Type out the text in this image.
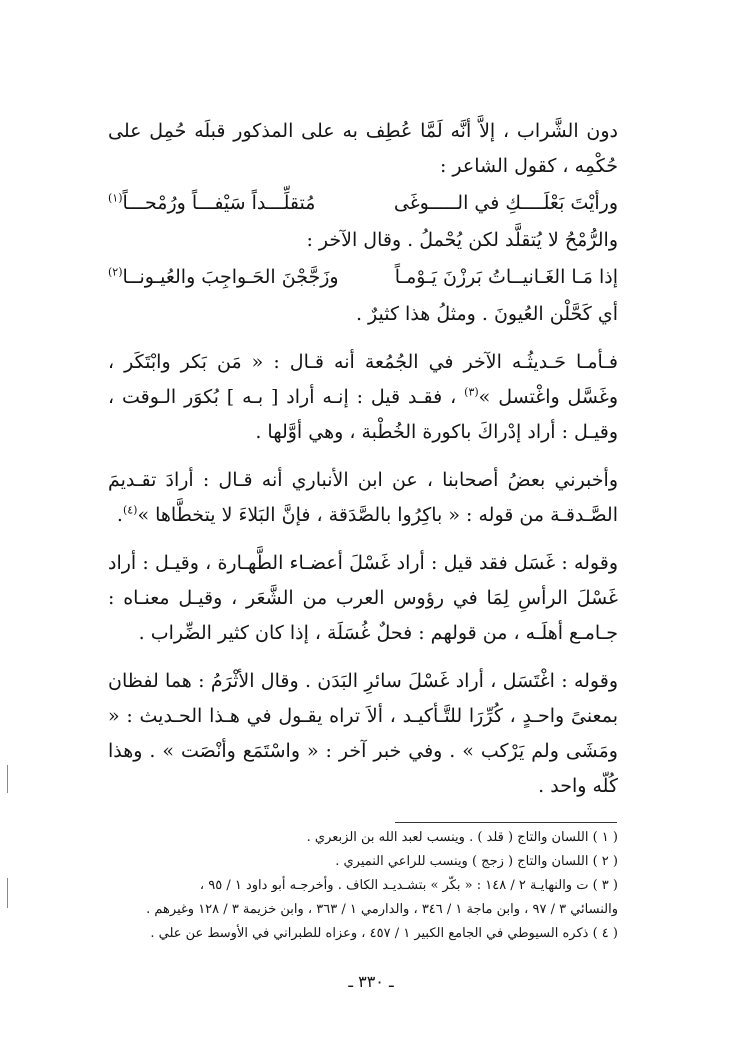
دون الشَّراب ، إلاَّ أنَّه لَمَّا عُطِف به على المذكور قبلَه حُمِل على حُكْمِه ، كقول الشاعر :

ورأيْتَ بَعْلَــــكِ في الـــــوغَى
مُتقلِّـــداً سَيْفـــاً ورُمْحـــاً$^{(١)}$

والرُّمْحُ لا يُتقلَّد لكن يُحْملُ . وقال الآخر :

إذا مَـا الغَـانيــاتُ بَرزْنَ يَـوْمـاً
وزَجَّجْنَ الحَـواجِبَ والعُيـونــا$^{(٢)}$

أي كَحَّلْن العُيونَ . ومثلُ هذا كثيرٌ .

فـأمـا حَـديثُـه الآخر في الجُمُعة أنه قـال : « مَن بَكر وابْتَكَر ، وغَسَّل واغْتسل »$^{(٣)}$ ، فقـد قيل : إنـه أراد [ بـه ] بُكوَر الـوقت ، وقيـل : أراد إدْراكَ باكورة الخُطْبة ، وهي أوَّلها .

وأخبرني بعضُ أصحابنا ، عن ابن الأنباري أنه قـال : أرادَ تقـديمَ الصَّـدقـة من قوله : « باكِرُوا بالصَّدَقة ، فإنَّ البَلاءَ لا يتخطَّاها »$^{(٤)}$.

وقوله : غَسَل فقد قيل : أراد غَسْلَ أعضـاء الطَّهـارة ، وقيـل : أراد غَسْلَ الرأسِ لِمَا في رؤوس العرب من الشَّعَر ، وقيـل معنـاه : جـامـع أهلَـه ، من قولهم : فحلٌ غُسَلَة ، إذا كان كثير الضِّراب .

وقوله : اغْتَسَل ، أراد غَسْلَ سائرِ البَدَن . وقال الأثْرَمُ : هما لفظان بمعنىً واحـدٍ ، كُرِّرَا للتَّـأكيـد ، ألاَ تراه يقـول في هـذا الحـديث : « ومَشَى ولم يَرْكب » . وفي خبر آخر : « واسْتَمَع وأنْصَت » . وهذا كُلّه واحد .

( ١ ) اللسان والتاج ( قلد ) . وينسب لعبد الله بن الزبعري .

( ٢ ) اللسان والتاج ( زجج ) وينسب للراعي النميري .

( ٣ ) ت والنهايـة ٢ / ١٤٨ : « بكّر » بتشـديـد الكاف . وأخرجـه أبو داود ١ / ٩٥ ،

والنسائي ٣ / ٩٧ ، وابن ماجة ١ / ٣٤٦ ، والدارمي ١ / ٣٦٣ ، وابن خزيمة ٣ / ١٢٨ وغيرهم .

( ٤ ) ذكره السيوطي في الجامع الكبير ١ / ٤٥٧ ، وعزاه للطبراني في الأوسط عن علي .

ـ ٣٣٠ ـ
